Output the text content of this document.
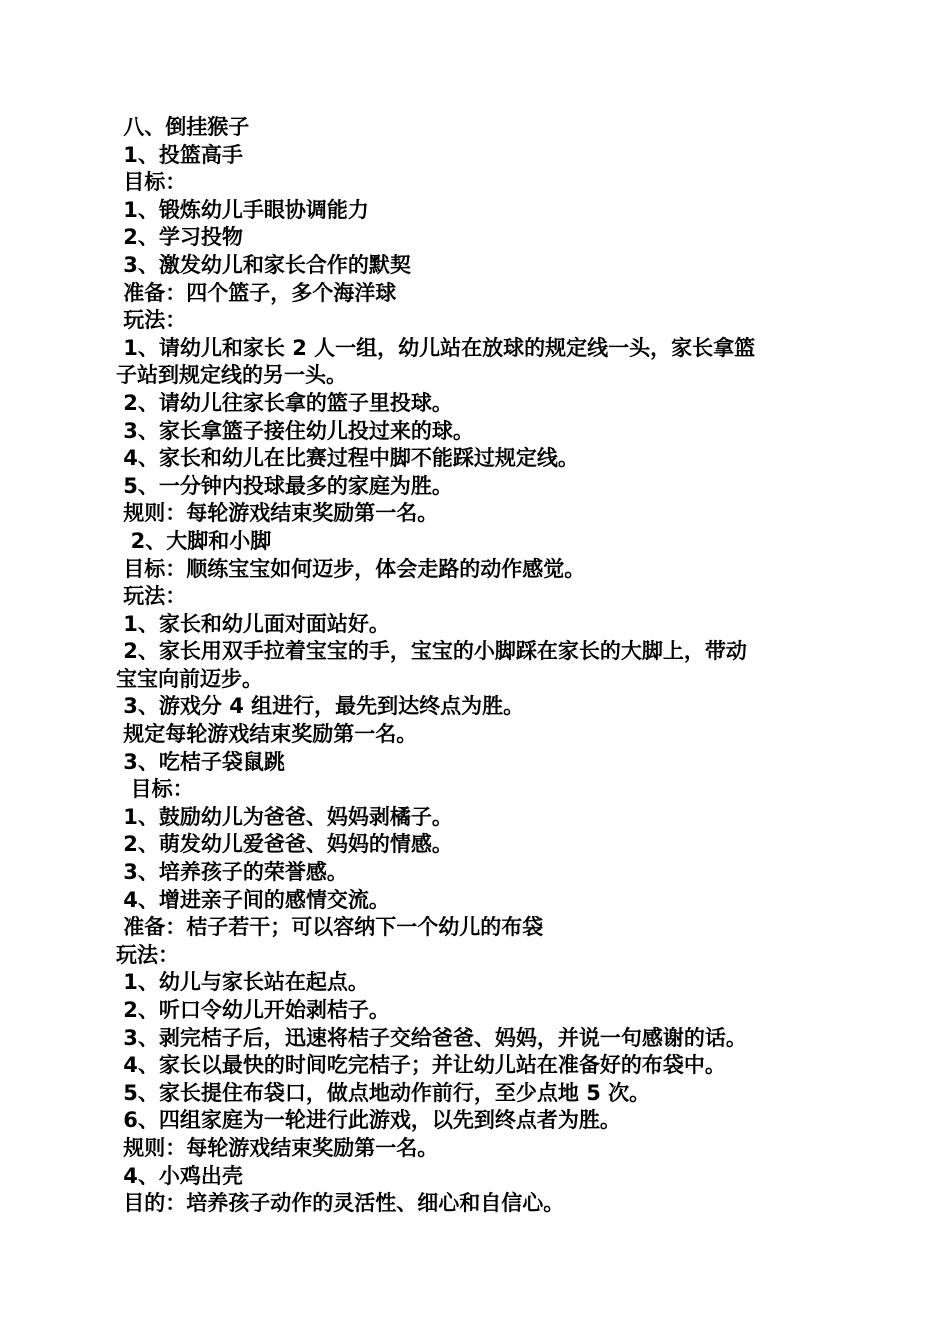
八、倒挂猴子

1、投篮高手

目标：

1、锻炼幼儿手眼协调能力

2、学习投物

3、激发幼儿和家长合作的默契

准备：四个篮子，多个海洋球

玩法：

1、请幼儿和家长 2 人一组，幼儿站在放球的规定线一头，家长拿篮

子站到规定线的另一头。

2、请幼儿往家长拿的篮子里投球。

3、家长拿篮子接住幼儿投过来的球。

4、家长和幼儿在比赛过程中脚不能踩过规定线。

5、一分钟内投球最多的家庭为胜。

规则：每轮游戏结束奖励第一名。

2、大脚和小脚

目标：顺练宝宝如何迈步，体会走路的动作感觉。

玩法：

1、家长和幼儿面对面站好。

2、家长用双手拉着宝宝的手，宝宝的小脚踩在家长的大脚上，带动

宝宝向前迈步。

3、游戏分 4 组进行，最先到达终点为胜。

规定每轮游戏结束奖励第一名。

3、吃桔子袋鼠跳

目标：

1、鼓励幼儿为爸爸、妈妈剥橘子。

2、萌发幼儿爱爸爸、妈妈的情感。

3、培养孩子的荣誉感。

4、增进亲子间的感情交流。

准备：桔子若干；可以容纳下一个幼儿的布袋

玩法：

1、幼儿与家长站在起点。

2、听口令幼儿开始剥桔子。

3、剥完桔子后，迅速将桔子交给爸爸、妈妈，并说一句感谢的话。

4、家长以最快的时间吃完桔子；并让幼儿站在准备好的布袋中。

5、家长提住布袋口，做点地动作前行，至少点地 5 次。

6、四组家庭为一轮进行此游戏，以先到终点者为胜。

规则：每轮游戏结束奖励第一名。

4、小鸡出壳

目的：培养孩子动作的灵活性、细心和自信心。
